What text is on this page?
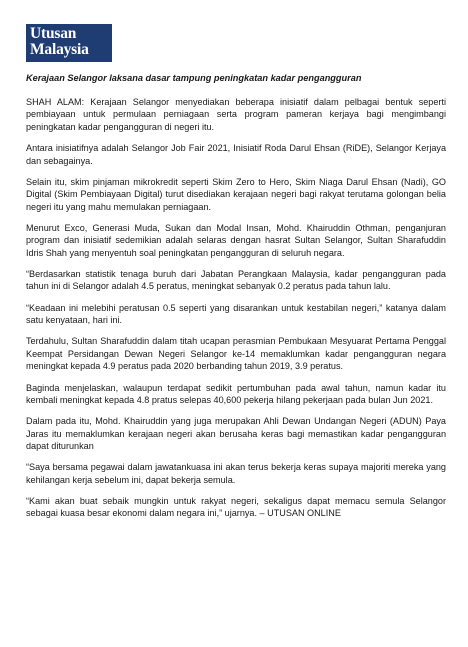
Utusan
Malaysia
Kerajaan Selangor laksana dasar tampung peningkatan kadar pengangguran

SHAH ALAM: Kerajaan Selangor menyediakan beberapa inisiatif dalam pelbagai bentuk seperti pembiayaan untuk permulaan perniagaan serta program pameran kerjaya bagi mengimbangi peningkatan kadar pengangguran di negeri itu.

Antara inisiatifnya adalah Selangor Job Fair 2021, Inisiatif Roda Darul Ehsan (RiDE), Selangor Kerjaya dan sebagainya.

Selain itu, skim pinjaman mikrokredit seperti Skim Zero to Hero, Skim Niaga Darul Ehsan (Nadi), GO Digital (Skim Pembiayaan Digital) turut disediakan kerajaan negeri bagi rakyat terutama golongan belia negeri itu yang mahu memulakan perniagaan.

Menurut Exco, Generasi Muda, Sukan dan Modal Insan, Mohd. Khairuddin Othman, penganjuran program dan inisiatif sedemikian adalah selaras dengan hasrat Sultan Selangor, Sultan Sharafuddin Idris Shah yang menyentuh soal peningkatan pengangguran di seluruh negara.

“Berdasarkan statistik tenaga buruh dari Jabatan Perangkaan Malaysia, kadar pengangguran pada tahun ini di Selangor adalah 4.5 peratus, meningkat sebanyak 0.2 peratus pada tahun lalu.

“Keadaan ini melebihi peratusan 0.5 seperti yang disarankan untuk kestabilan negeri,” katanya dalam satu kenyataan, hari ini.

Terdahulu, Sultan Sharafuddin dalam titah ucapan perasmian Pembukaan Mesyuarat Pertama Penggal Keempat Persidangan Dewan Negeri Selangor ke-14 memaklumkan kadar pengangguran negara meningkat kepada 4.9 peratus pada 2020 berbanding tahun 2019, 3.9 peratus.

Baginda menjelaskan, walaupun terdapat sedikit pertumbuhan pada awal tahun, namun kadar itu kembali meningkat kepada 4.8 pratus selepas 40,600 pekerja hilang pekerjaan pada bulan Jun 2021.

Dalam pada itu, Mohd. Khairuddin yang juga merupakan Ahli Dewan Undangan Negeri (ADUN) Paya Jaras itu memaklumkan kerajaan negeri akan berusaha keras bagi memastikan kadar pengangguran dapat diturunkan

“Saya bersama pegawai dalam jawatankuasa ini akan terus bekerja keras supaya majoriti mereka yang kehilangan kerja sebelum ini, dapat bekerja semula.

“Kami akan buat sebaik mungkin untuk rakyat negeri, sekaligus dapat memacu semula Selangor sebagai kuasa besar ekonomi dalam negara ini,” ujarnya. – UTUSAN ONLINE
